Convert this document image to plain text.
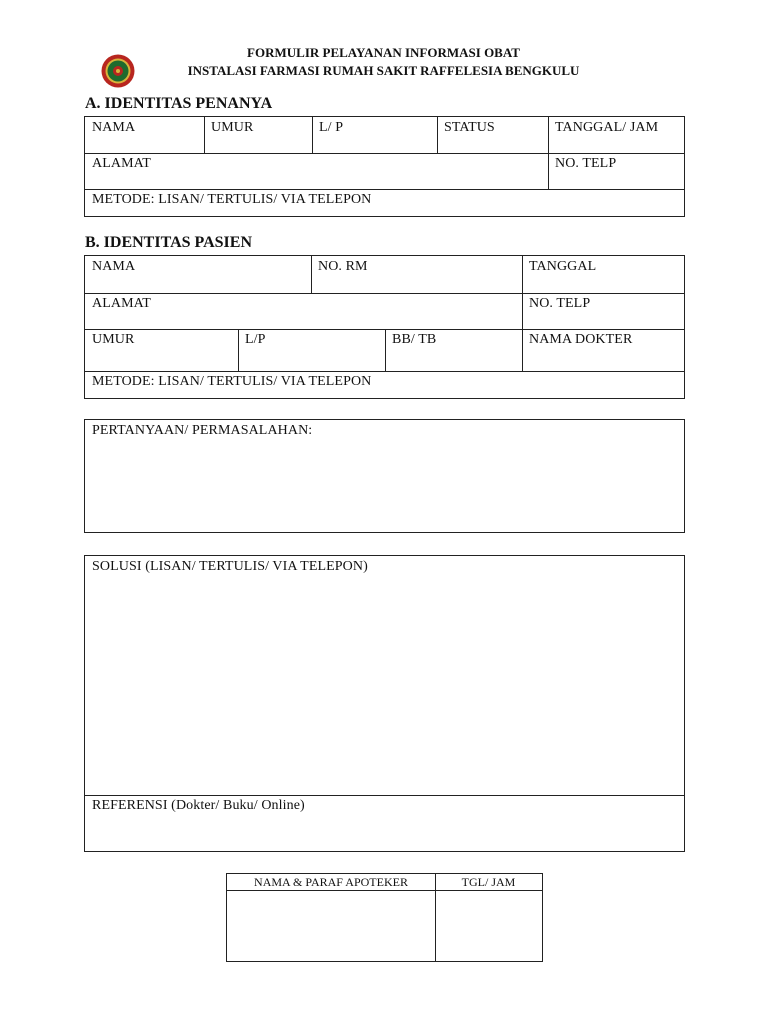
FORMULIR PELAYANAN INFORMASI OBAT
INSTALASI FARMASI RUMAH SAKIT RAFFELESIA BENGKULU
A. IDENTITAS PENANYA
NAMA	UMUR	L/ P	STATUS	TANGGAL/ JAM
ALAMAT	NO. TELP
METODE: LISAN/ TERTULIS/ VIA TELEPON
B. IDENTITAS PASIEN
NAMA	NO. RM	TANGGAL
ALAMAT	NO. TELP
UMUR	L/P	BB/ TB	NAMA DOKTER
METODE: LISAN/ TERTULIS/ VIA TELEPON
PERTANYAAN/ PERMASALAHAN:
SOLUSI (LISAN/ TERTULIS/ VIA TELEPON)
REFERENSI (Dokter/ Buku/ Online)
NAMA & PARAF APOTEKER	TGL/ JAM
